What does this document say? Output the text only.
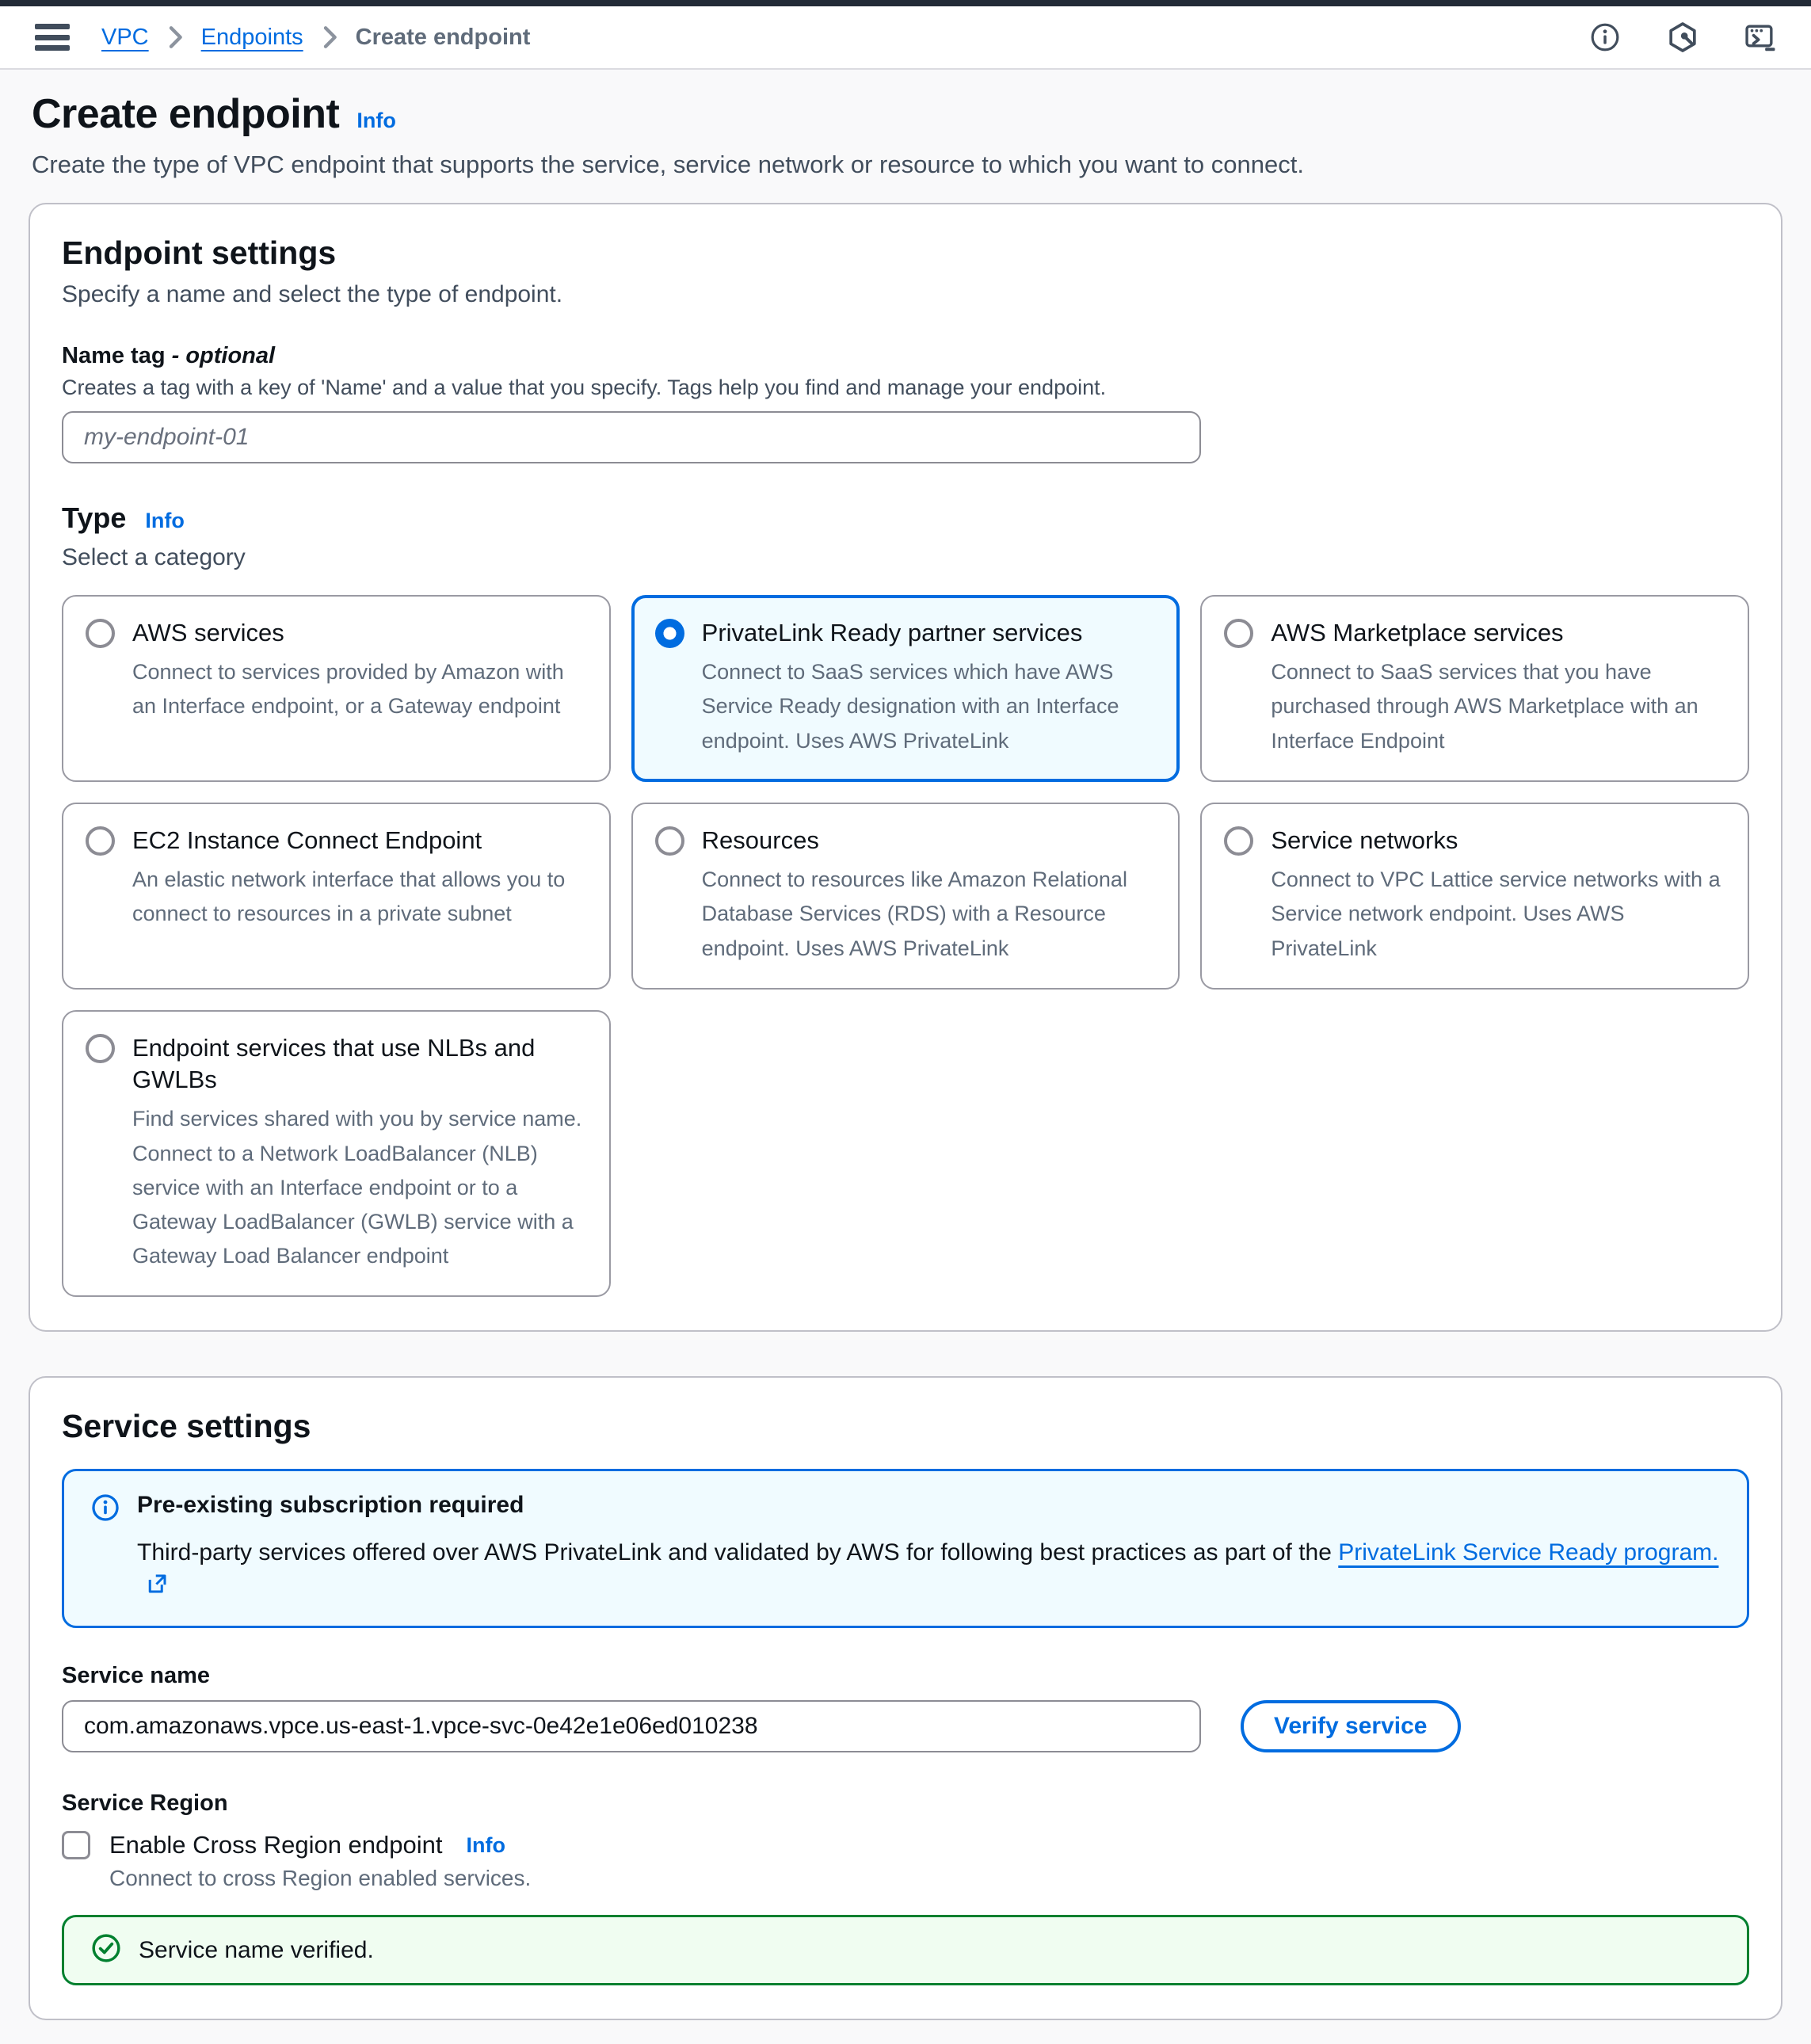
VPC Endpoints Create endpoint
Create endpoint Info

Create the type of VPC endpoint that supports the service, service network or resource to which you want to connect.

Endpoint settings

Specify a name and select the type of endpoint.

Name tag - optional

Creates a tag with a key of 'Name' and a value that you specify. Tags help you find and manage your endpoint.

my-endpoint-01
Type Info

Select a category

AWS services
Connect to services provided by Amazon with an Interface endpoint, or a Gateway endpoint
PrivateLink Ready partner services
Connect to SaaS services which have AWS Service Ready designation with an Interface endpoint. Uses AWS PrivateLink
AWS Marketplace services
Connect to SaaS services that you have purchased through AWS Marketplace with an Interface Endpoint
EC2 Instance Connect Endpoint
An elastic network interface that allows you to connect to resources in a private subnet
Resources
Connect to resources like Amazon Relational Database Services (RDS) with a Resource endpoint. Uses AWS PrivateLink
Service networks
Connect to VPC Lattice service networks with a Service network endpoint. Uses AWS PrivateLink
Endpoint services that use NLBs and GWLBs
Find services shared with you by service name. Connect to a Network LoadBalancer (NLB) service with an Interface endpoint or to a Gateway LoadBalancer (GWLB) service with a Gateway Load Balancer endpoint
Service settings
Pre-existing subscription required
Third-party services offered over AWS PrivateLink and validated by AWS for following best practices as part of the PrivateLink Service Ready program.
Service name
com.amazonaws.vpce.us-east-1.vpce-svc-0e42e1e06ed010238
Verify service
Service Region
Enable Cross Region endpoint Info

Connect to cross Region enabled services.

Service name verified.
